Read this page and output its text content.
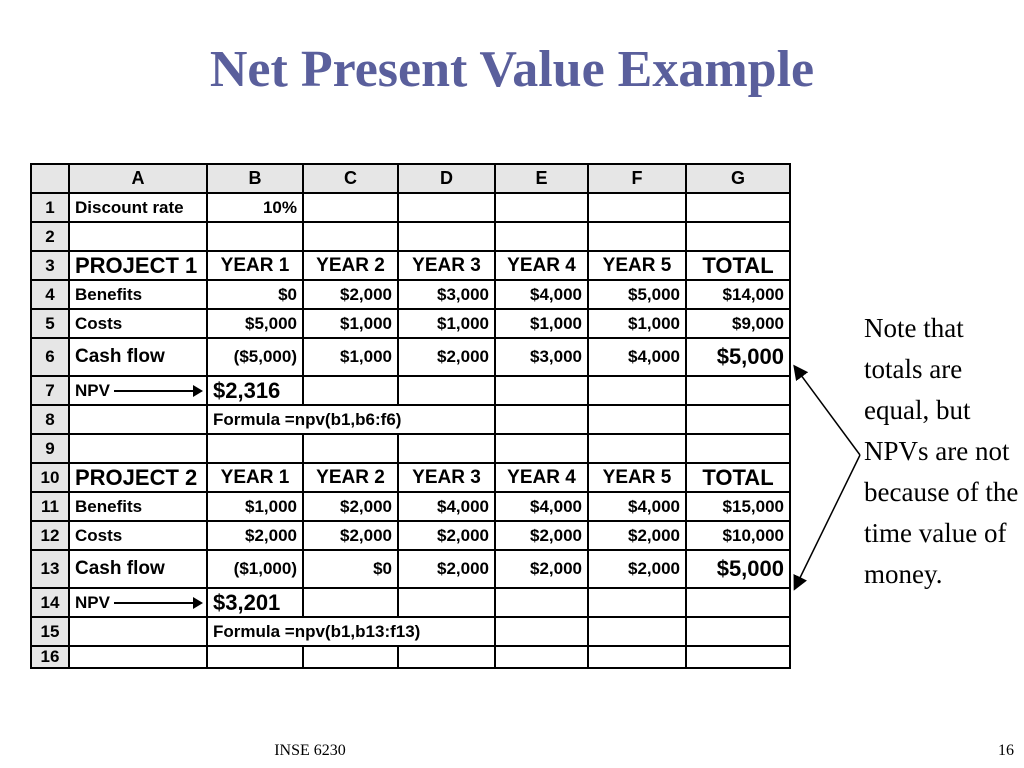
Net Present Value Example
	A	B	C	D	E	F	G
1	Discount rate	10%					
2							
3	PROJECT 1	YEAR 1	YEAR 2	YEAR 3	YEAR 4	YEAR 5	TOTAL
4	Benefits	$0	$2,000	$3,000	$4,000	$5,000	$14,000
5	Costs	$5,000	$1,000	$1,000	$1,000	$1,000	$9,000
6	Cash flow	($5,000)	$1,000	$2,000	$3,000	$4,000	$5,000
7	NPV	$2,316					
8		Formula =npv(b1,b6:f6)					
9							
10	PROJECT 2	YEAR 1	YEAR 2	YEAR 3	YEAR 4	YEAR 5	TOTAL
11	Benefits	$1,000	$2,000	$4,000	$4,000	$4,000	$15,000
12	Costs	$2,000	$2,000	$2,000	$2,000	$2,000	$10,000
13	Cash flow	($1,000)	$0	$2,000	$2,000	$2,000	$5,000
14	NPV	$3,201					
15		Formula =npv(b1,b13:f13)					
16							
Note that totals are equal, but NPVs are not because of the time value of money.
INSE 6230	16
